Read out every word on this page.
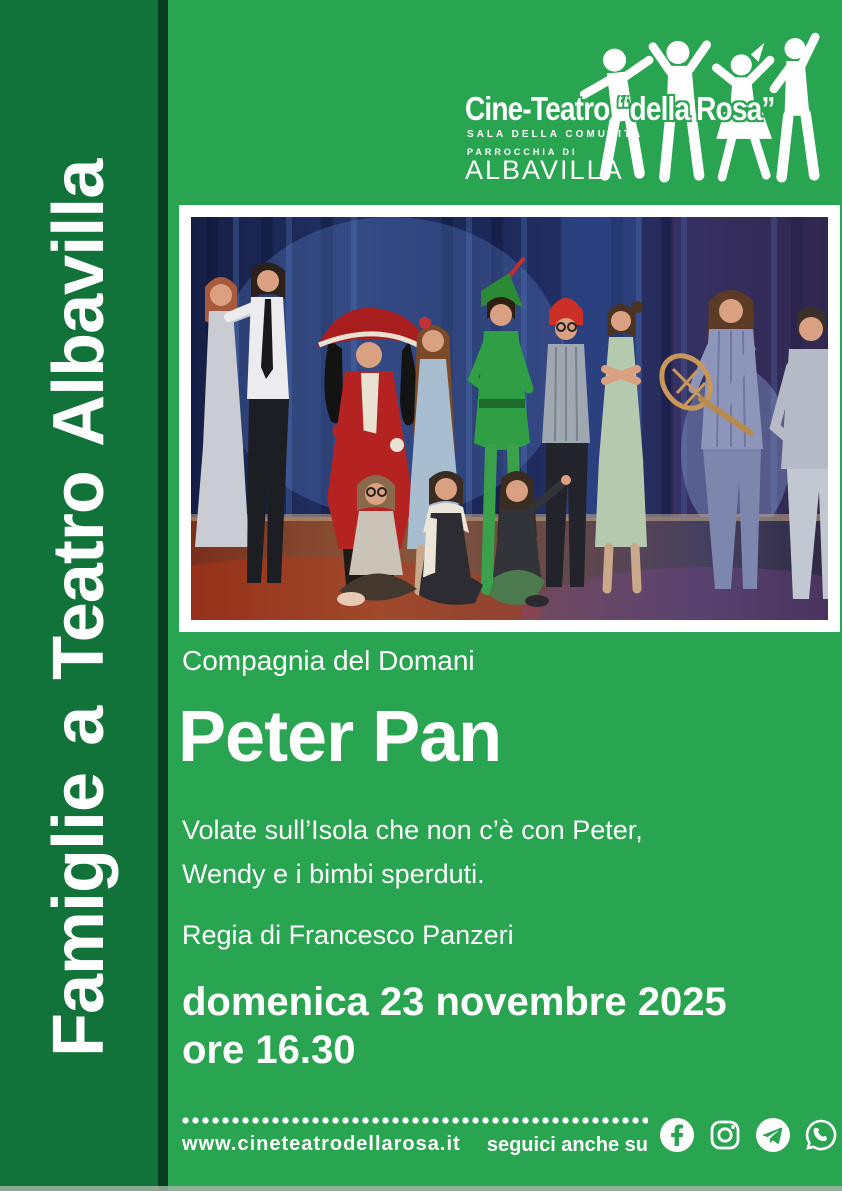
Famiglie a Teatro Albavilla
Cine-Teatro “della Rosa”
SALA DELLA COMUNITÀ
PARROCCHIA DI
ALBAVILLA
Compagnia del Domani
Peter Pan
Volate sull’Isola che non c’è con Peter,
Wendy e i bimbi sperduti.
Regia di Francesco Panzeri
domenica 23 novembre 2025
ore 16.30
www.cineteatrodellarosa.it	seguici anche su
